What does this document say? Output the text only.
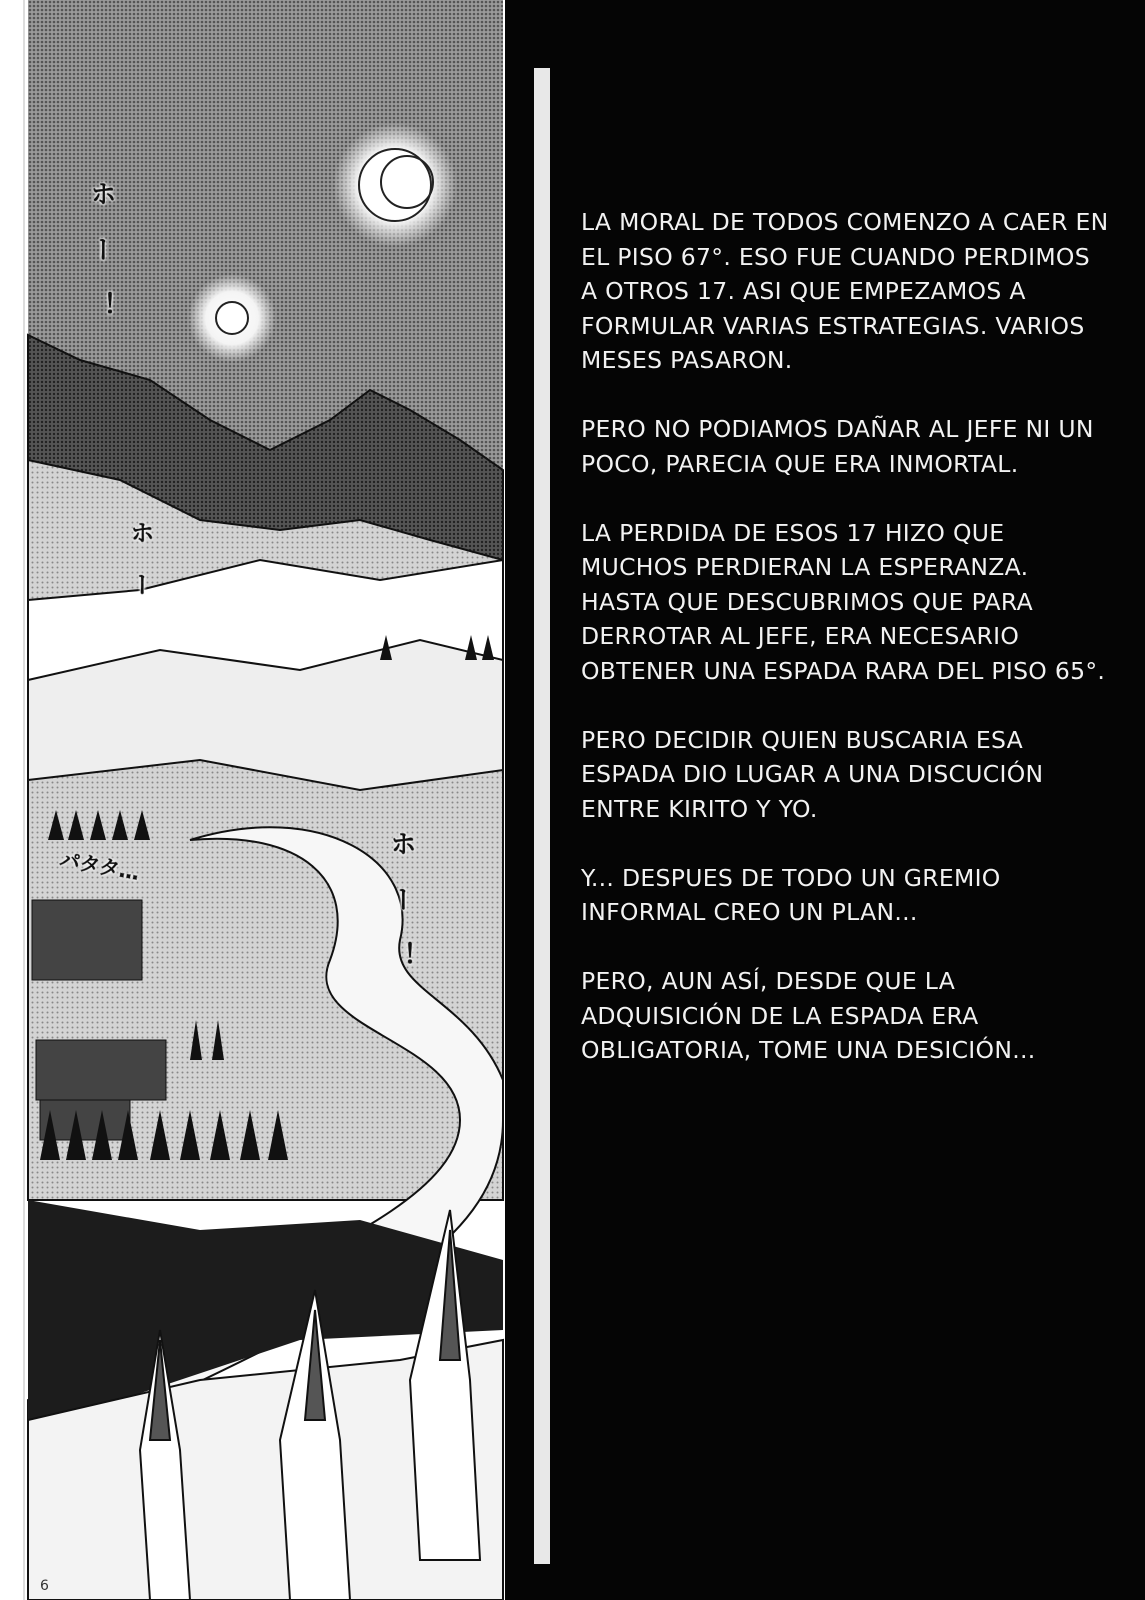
ホ ー ！
ホ ー
ホ ー ！
パタタ…
6

LA MORAL DE TODOS COMENZO A CAER EN
EL PISO 67°. ESO FUE CUANDO PERDIMOS
A OTROS 17. ASI QUE EMPEZAMOS A
FORMULAR VARIAS ESTRATEGIAS. VARIOS
MESES PASARON.

PERO NO PODIAMOS DAÑAR AL JEFE NI UN
POCO, PARECIA QUE ERA INMORTAL.

LA PERDIDA DE ESOS 17 HIZO QUE
MUCHOS PERDIERAN LA ESPERANZA.
HASTA QUE DESCUBRIMOS QUE PARA
DERROTAR AL JEFE, ERA NECESARIO
OBTENER UNA ESPADA RARA DEL PISO 65°.

PERO DECIDIR QUIEN BUSCARIA ESA
ESPADA DIO LUGAR A UNA DISCUCIÓN
ENTRE KIRITO Y YO.

Y... DESPUES DE TODO UN GREMIO
INFORMAL CREO UN PLAN...

PERO, AUN ASÍ, DESDE QUE LA
ADQUISICIÓN DE LA ESPADA ERA
OBLIGATORIA, TOME UNA DESICIÓN...
